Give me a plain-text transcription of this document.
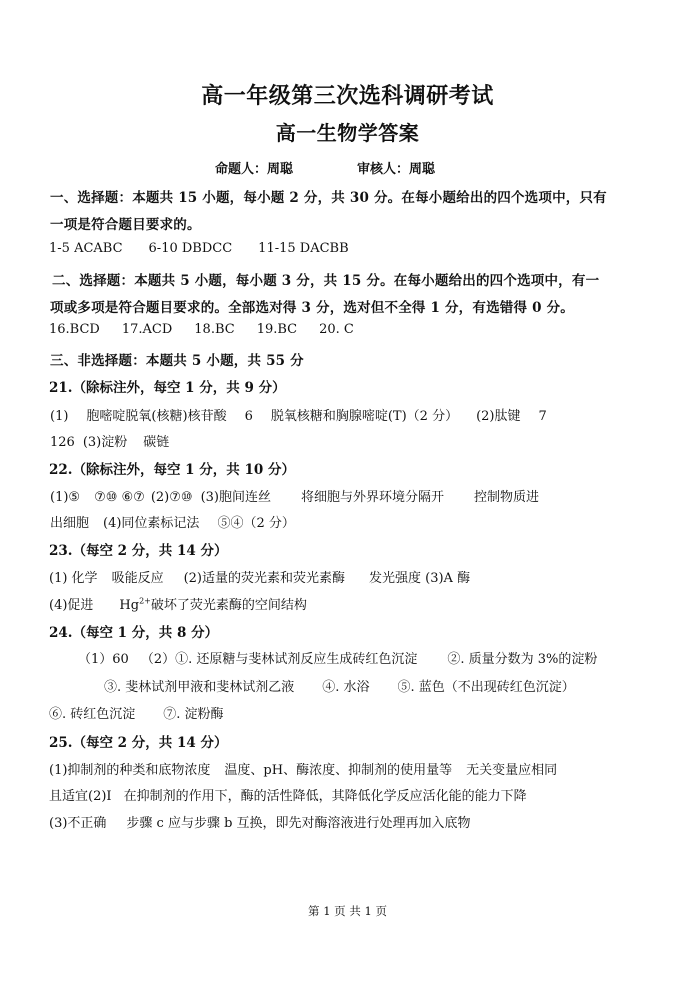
高一年级第三次选科调研考试
高一生物学答案
命题人：周聪	审核人：周聪
一、选择题：本题共 15 小题，每小题 2 分，共 30 分。在每小题给出的四个选项中，只有
一项是符合题目要求的。
1-5 ACABC 6-10 DBDCC 11-15 DACBB
二、选择题：本题共 5 小题，每小题 3 分，共 15 分。在每小题给出的四个选项中，有一
项或多项是符合题目要求的。全部选对得 3 分，选对但不全得 1 分，有选错得 0 分。
16.BCD 17.ACD 18.BC 19.BC 20. C
三、非选择题：本题共 5 小题，共 55 分
21.（除标注外，每空 1 分，共 9 分）
(1) 胞嘧啶脱氧(核糖)核苷酸 6 脱氧核糖和胸腺嘧啶(T)（2 分） (2)肽键 7
126 (3)淀粉 碳链
22.（除标注外，每空 1 分，共 10 分）
(1)⑤ ⑦⑩ ⑥⑦ (2)⑦⑩ (3)胞间连丝 将细胞与外界环境分隔开 控制物质进
出细胞 (4)同位素标记法 ⑤④（2 分）
23.（每空 2 分，共 14 分）
(1) 化学 吸能反应 (2)适量的荧光素和荧光素酶 发光强度 (3)A 酶
(4)促进 $Hg^{2+}$破坏了荧光素酶的空间结构
24.（每空 1 分，共 8 分）
（1）60 （2）①. 还原糖与斐林试剂反应生成砖红色沉淀 ②. 质量分数为 3%的淀粉
③. 斐林试剂甲液和斐林试剂乙液 ④. 水浴 ⑤. 蓝色（不出现砖红色沉淀）
⑥. 砖红色沉淀 ⑦. 淀粉酶
25.（每空 2 分，共 14 分）
(1)抑制剂的种类和底物浓度 温度、pH、酶浓度、抑制剂的使用量等 无关变量应相同
且适宜(2)Ⅰ 在抑制剂的作用下，酶的活性降低，其降低化学反应活化能的能力下降
(3)不正确 步骤 c 应与步骤 b 互换，即先对酶溶液进行处理再加入底物
第 1 页 共 1 页
